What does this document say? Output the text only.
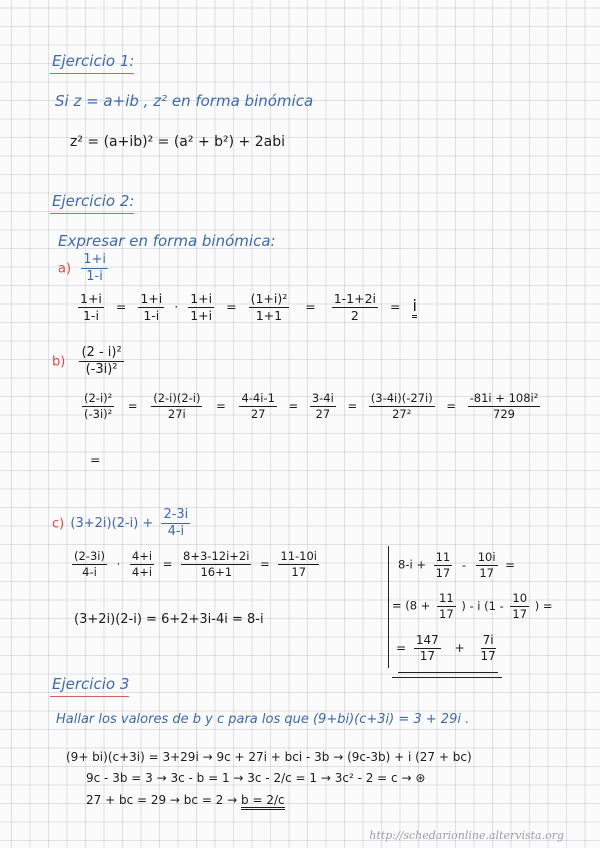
Ejercicio 1:
Si z = a+ib , z² en forma binómica
z² = (a+ib)² = (a² + b²) + 2abi
Ejercicio 2:
Expresar en forma binómica:
$a) \frac{1+i}{1-i}$
$\frac{1+i}{1-i} = \frac{1+i}{1-i} \cdot \frac{1+i}{1+i} = \frac{\text{(1+i)²}}{1+1} = \frac{1-1+2i}{2} = i$
$b) \frac{\text{(2 - i)²}}{\text{(-3i)²}}$
$\frac{\text{(2-i)²}}{\text{(-3i)²}} = \frac{(2-i)(2-i)}{27i} = \frac{4-4i-1}{27} = \frac{3-4i}{27} = \frac{(3-4i)(-27i)}{\text{27²}} = \frac{\text{-81i + 108i²}}{729}$
=
c) $(3+2i)(2-i) + \frac{2-3i}{4-i}$
$\frac{(2-3i)}{4-i} \cdot \frac{4+i}{4+i} = \frac{8+3-12i+2i}{16+1} = \frac{11-10i}{17}$
(3+2i)(2-i) = 6+2+3i-4i = 8-i
$8-i + \frac{11}{17} - \frac{10i}{17}$ =
= ($8 + \frac{11}{17}$ ) - i ($1 - \frac{10}{17}$ ) =
= $\frac{147}{17} + \frac{7i}{17}$
Ejercicio 3
Hallar los valores de b y c para los que (9+bi)(c+3i) = 3 + 29i .
(9+ bi)(c+3i) = 3+29i → 9c + 27i + bci - 3b → (9c-3b) + i (27 + bc)
9c - 3b = 3 → 3c - b = 1 → 3c - 2/c = 1 → 3c² - 2 = c → ⊛
27 + bc = 29 → bc = 2 → b = 2/c
http://schedarionline.altervista.org
